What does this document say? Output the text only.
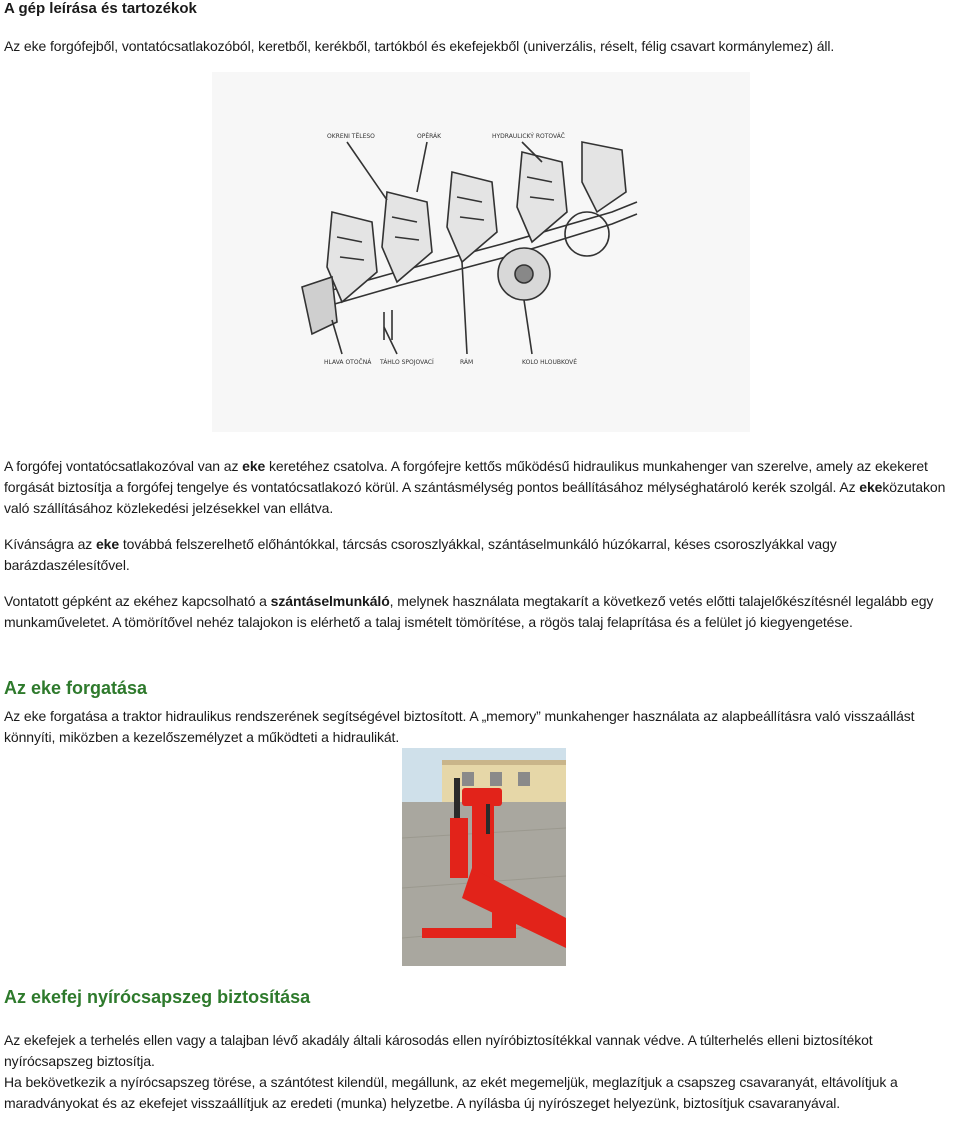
A gép leírása és tartozékok

Az eke forgófejből, vontatócsatlakozóból, keretből, kerékből, tartókból és ekefejekből (univerzális, réselt, félig csavart kormánylemez) áll.

OKRENI TËLESO	OPĚRÁK	HYDRAULICKÝ ROTOVÁČ
HLAVA OTOČNÁ TÁHLO SPOJOVACÍ	RÁM	KOLO HLOUBKOVÉ

A forgófej vontatócsatlakozóval van az eke keretéhez csatolva. A forgófejre kettős működésű hidraulikus munkahenger van szerelve, amely az ekekeret forgását biztosítja a forgófej tengelye és vontatócsatlakozó körül. A szántásmélység pontos beállításához mélységhatároló kerék szolgál. Az ekeközutakon való szállításához közlekedési jelzésekkel van ellátva.

Kívánságra az eke továbbá felszerelhető előhántókkal, tárcsás csoroszlyákkal, szántáselmunkáló húzókarral, késes csoroszlyákkal vagy barázdaszélesítővel.

Vontatott gépként az ekéhez kapcsolható a szántáselmunkáló, melynek használata megtakarít a következő vetés előtti talajelőkészítésnél legalább egy munkaműveletet. A tömörítővel nehéz talajokon is elérhető a talaj ismételt tömörítése, a rögös talaj felaprítása és a felület jó kiegyengetése.

Az eke forgatása

Az eke forgatása a traktor hidraulikus rendszerének segítségével biztosított. A „memory” munkahenger használata az alapbeállításra való visszaállást könnyíti, miközben a kezelőszemélyzet a működteti a hidraulikát.

Az ekefej nyírócsapszeg biztosítása

Az ekefejek a terhelés ellen vagy a talajban lévő akadály általi károsodás ellen nyíróbiztosítékkal vannak védve. A túlterhelés elleni biztosítékot nyírócsapszeg biztosítja.

Ha bekövetkezik a nyírócsapszeg törése, a szántótest kilendül, megállunk, az ekét megemeljük, meglazítjuk a csapszeg csavaranyát, eltávolítjuk a maradványokat és az ekefejet visszaállítjuk az eredeti (munka) helyzetbe. A nyílásba új nyírószeget helyezünk, biztosítjuk csavaranyával.
